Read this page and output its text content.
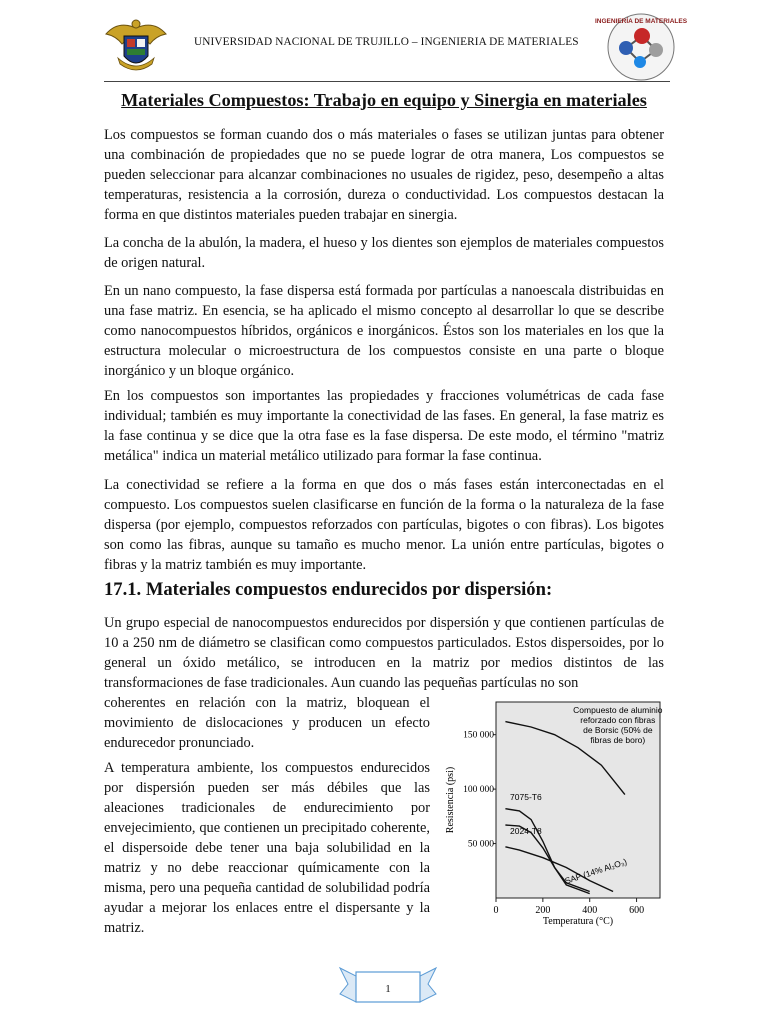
UNIVERSIDAD NACIONAL DE TRUJILLO – INGENIERIA DE MATERIALES
INGENIERÍA DE MATERIALES
Materiales Compuestos: Trabajo en equipo y Sinergia en materiales

Los compuestos se forman cuando dos o más materiales o fases se utilizan juntas para obtener una combinación de propiedades que no se puede lograr de otra manera, Los compuestos se pueden seleccionar para alcanzar combinaciones no usuales de rigidez, peso, desempeño a altas temperaturas, resistencia a la corrosión, dureza o conductividad. Los compuestos destacan la forma en que distintos materiales pueden trabajar en sinergia.

La concha de la abulón, la madera, el hueso y los dientes son ejemplos de materiales compuestos de origen natural.

En un nano compuesto, la fase dispersa está formada por partículas a nanoescala distribuidas en una fase matriz. En esencia, se ha aplicado el mismo concepto al desarrollar lo que se describe como nanocompuestos híbridos, orgánicos e inorgánicos. Éstos son los materiales en los que la estructura molecular o microestructura de los compuestos consiste en una parte o bloque inorgánico y un bloque orgánico.

En los compuestos son importantes las propiedades y fracciones volumétricas de cada fase individual; también es muy importante la conectividad de las fases. En general, la fase matriz es la fase continua y se dice que la otra fase es la fase dispersa. De este modo, el término "matriz metálica" indica un material metálico utilizado para formar la fase continua.

La conectividad se refiere a la forma en que dos o más fases están interconectadas en el compuesto. Los compuestos suelen clasificarse en función de la forma o la naturaleza de la fase dispersa (por ejemplo, compuestos reforzados con partículas, bigotes o con fibras). Los bigotes son como las fibras, aunque su tamaño es mucho menor. La unión entre partículas, bigotes o fibras y la matriz también es muy importante.

17.1. Materiales compuestos endurecidos por dispersión:

Un grupo especial de nanocompuestos endurecidos por dispersión y que contienen partículas de 10 a 250 nm de diámetro se clasifican como compuestos particulados. Estos dispersoides, por lo general un óxido metálico, se introducen en la matriz por medios distintos de las transformaciones de fase tradicionales. Aun cuando las pequeñas partículas no son

coherentes en relación con la matriz, bloquean el movimiento de dislocaciones y producen un efecto endurecedor pronunciado.

A temperatura ambiente, los compuestos endurecidos por dispersión pueden ser más débiles que las aleaciones tradicionales de endurecimiento por envejecimiento, que contienen un precipitado coherente, el dispersoide debe tener una baja solubilidad en la matriz y no debe reaccionar químicamente con la misma, pero una pequeña cantidad de solubilidad podría ayudar a mejorar los enlaces entre el dispersante y la matriz.

0	200	400	600
50 000
100 000
150 000
Compuesto de aluminio
reforzado con fibras
de Borsic (50% de
fibras de boro)
7075-T6
2024-T8
SAP (14% Al₂O₃)
Resistencia (psi)
Temperatura (°C)
1
